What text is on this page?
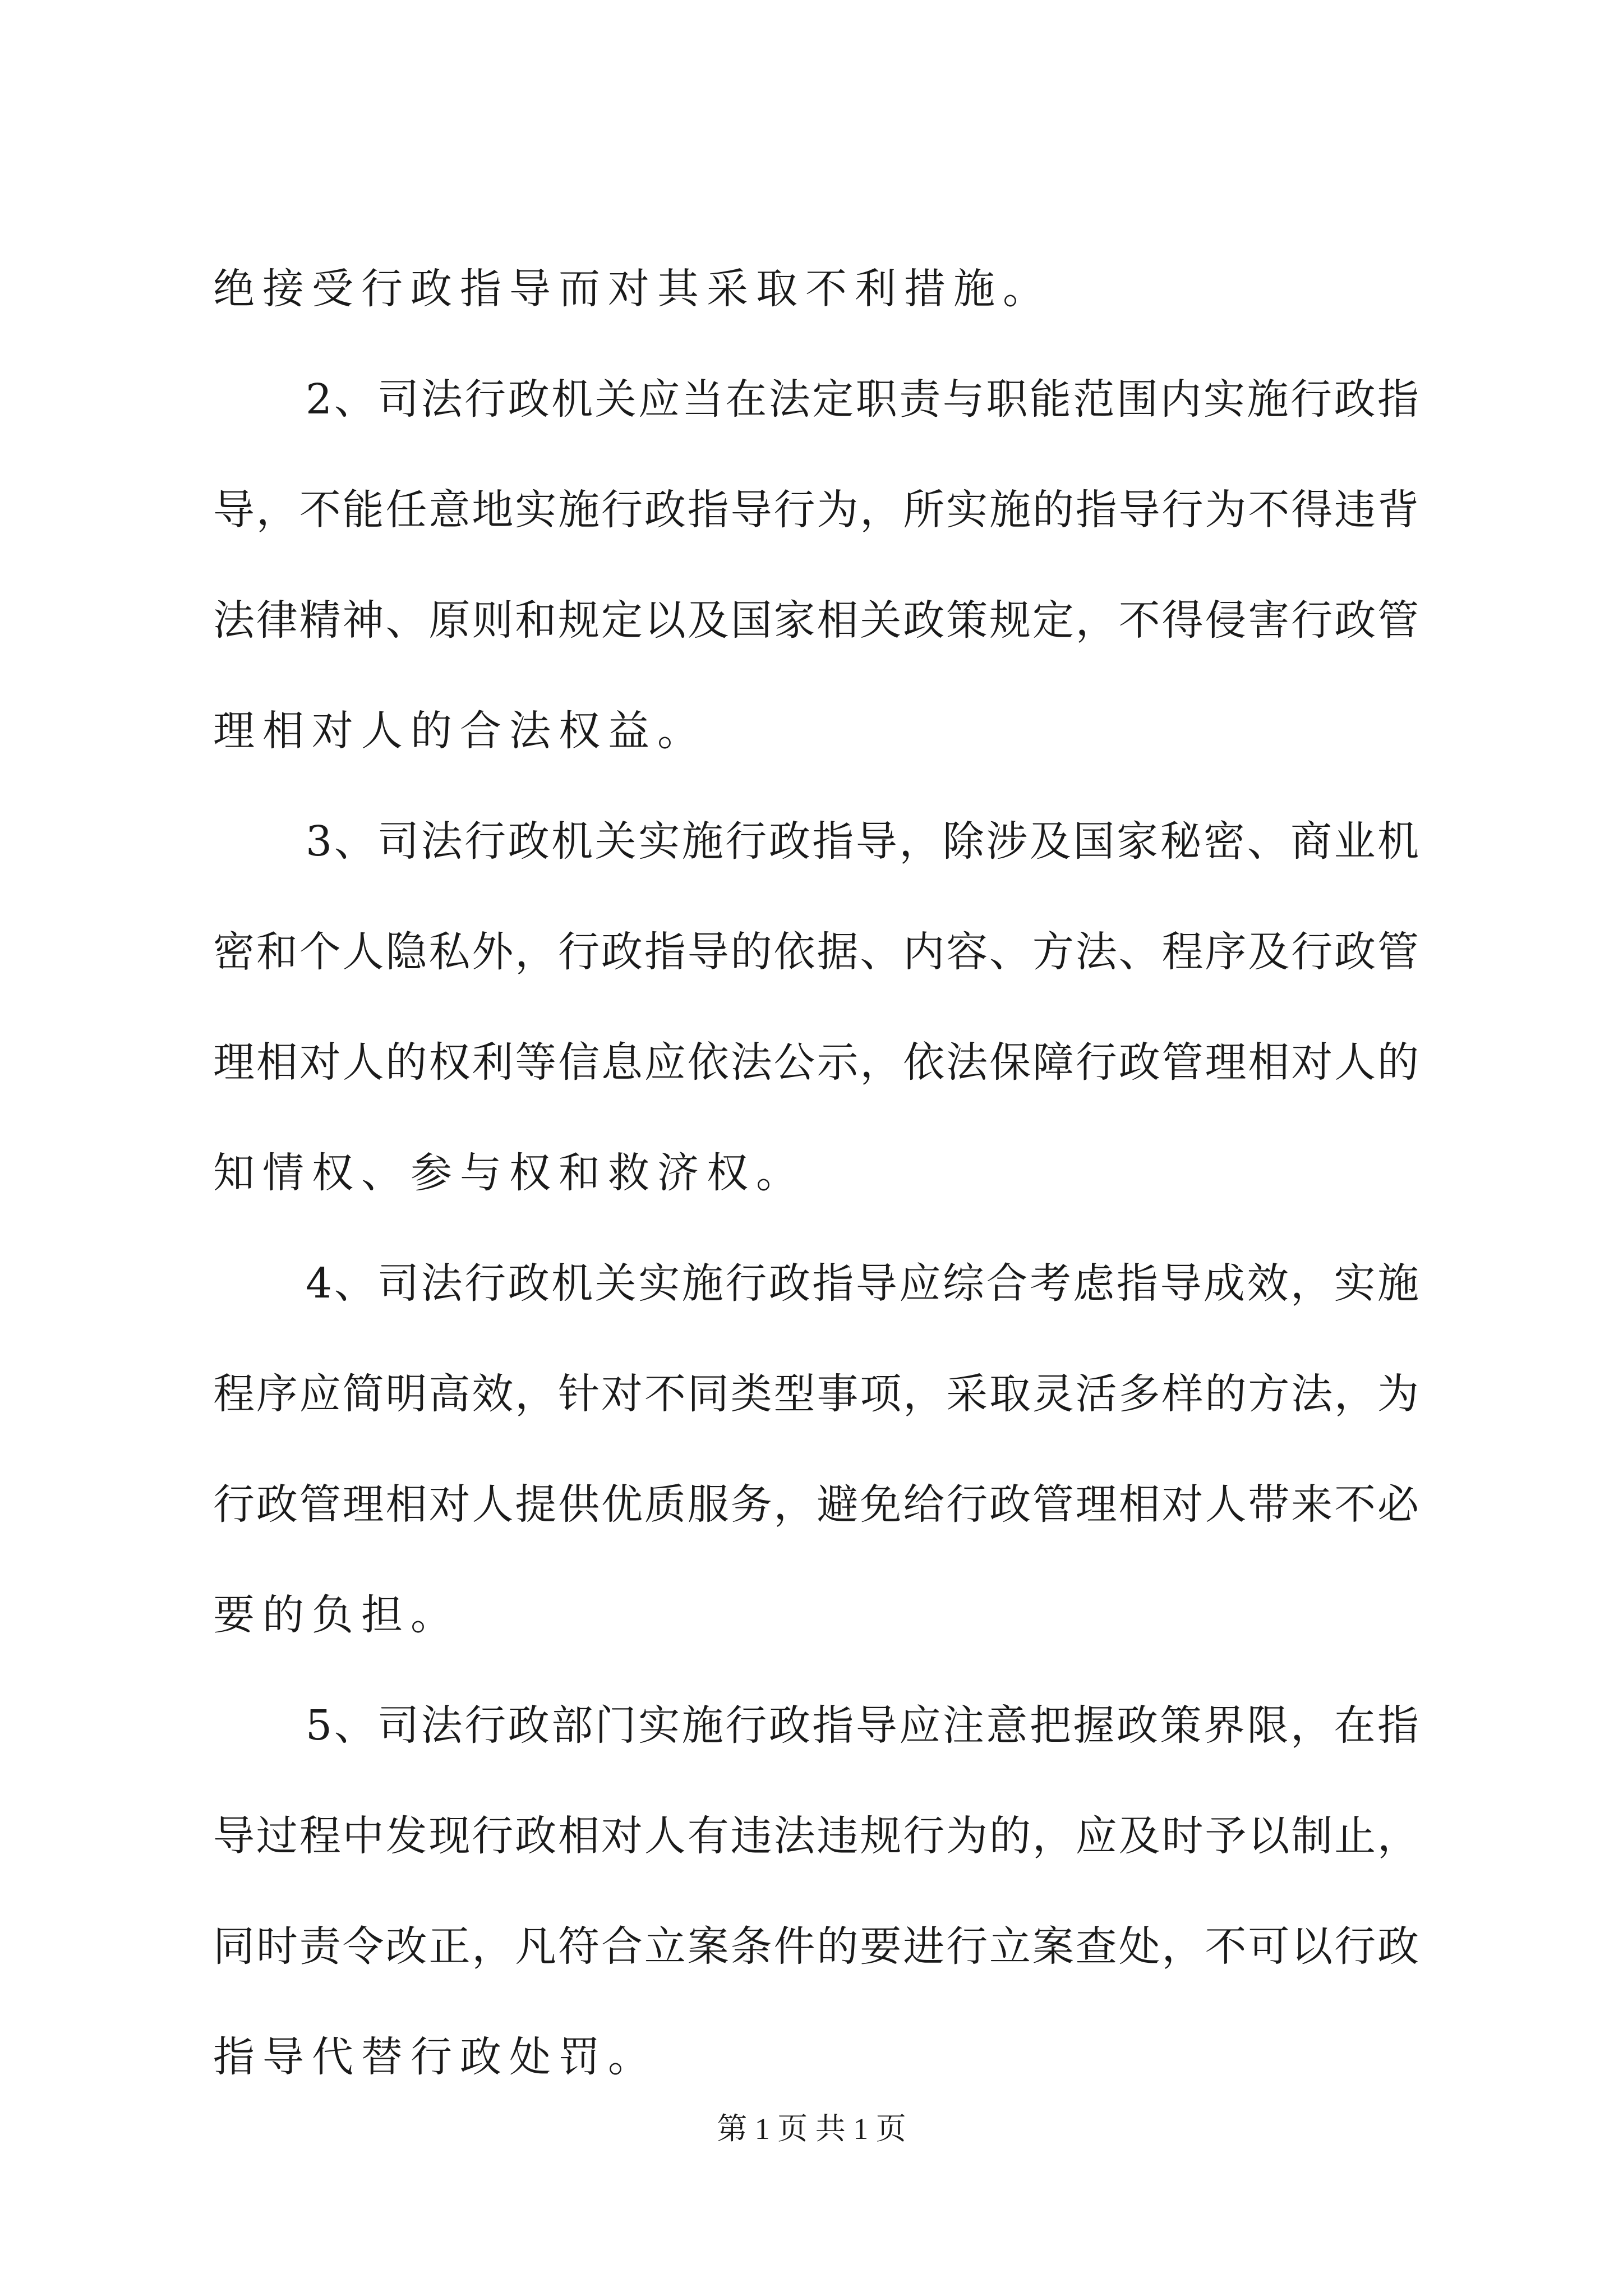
绝接受行政指导而对其采取不利措施。
2、司法行政机关应当在法定职责与职能范围内实施行政指
导，不能任意地实施行政指导行为，所实施的指导行为不得违背
法律精神、原则和规定以及国家相关政策规定，不得侵害行政管
理相对人的合法权益。
3、司法行政机关实施行政指导，除涉及国家秘密、商业机
密和个人隐私外，行政指导的依据、内容、方法、程序及行政管
理相对人的权利等信息应依法公示，依法保障行政管理相对人的
知情权、参与权和救济权。
4、司法行政机关实施行政指导应综合考虑指导成效，实施
程序应简明高效，针对不同类型事项，采取灵活多样的方法，为
行政管理相对人提供优质服务，避免给行政管理相对人带来不必
要的负担。
5、司法行政部门实施行政指导应注意把握政策界限，在指
导过程中发现行政相对人有违法违规行为的，应及时予以制止，
同时责令改正，凡符合立案条件的要进行立案查处，不可以行政
指导代替行政处罚。
第 1 页 共 1 页
